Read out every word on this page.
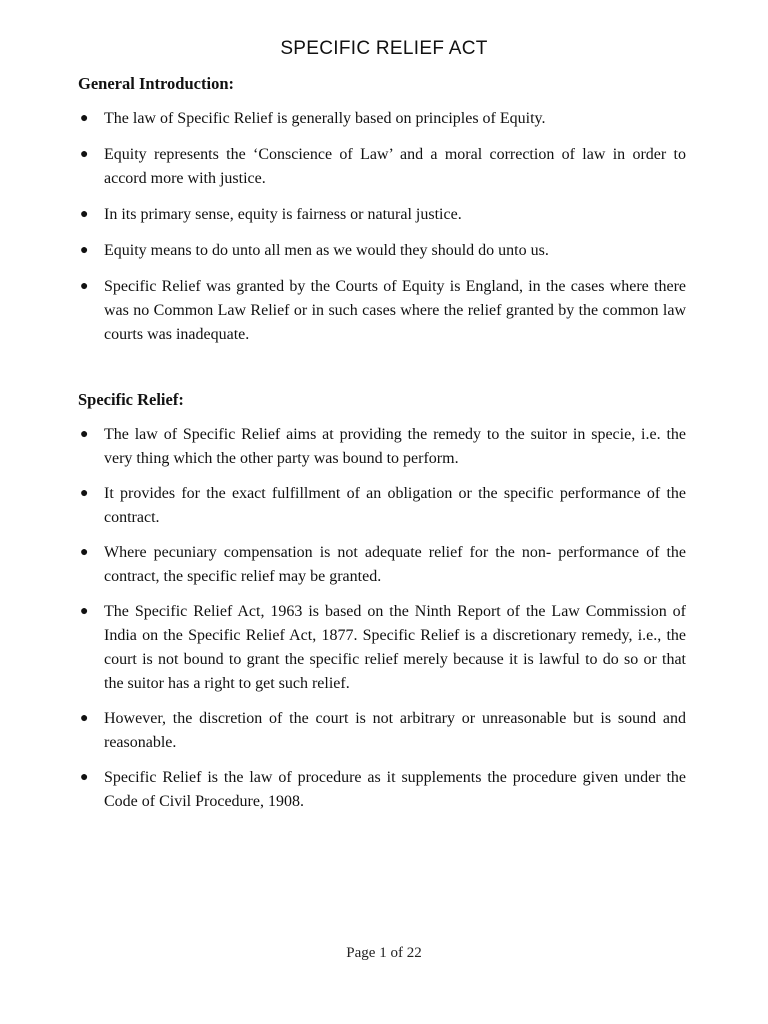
SPECIFIC RELIEF ACT

General Introduction:

● The law of Specific Relief is generally based on principles of Equity.
● Equity represents the ‘Conscience of Law’ and a moral correction of law in order to accord more with justice.
● In its primary sense, equity is fairness or natural justice.
● Equity means to do unto all men as we would they should do unto us.
● Specific Relief was granted by the Courts of Equity is England, in the cases where there was no Common Law Relief or in such cases where the relief granted by the common law courts was inadequate.

Specific Relief:

● The law of Specific Relief aims at providing the remedy to the suitor in specie, i.e. the very thing which the other party was bound to perform.
● It provides for the exact fulfillment of an obligation or the specific performance of the contract.
● Where pecuniary compensation is not adequate relief for the non- performance of the contract, the specific relief may be granted.
● The Specific Relief Act, 1963 is based on the Ninth Report of the Law Commission of India on the Specific Relief Act, 1877. Specific Relief is a discretionary remedy, i.e., the court is not bound to grant the specific relief merely because it is lawful to do so or that the suitor has a right to get such relief.
● However, the discretion of the court is not arbitrary or unreasonable but is sound and reasonable.
● Specific Relief is the law of procedure as it supplements the procedure given under the Code of Civil Procedure, 1908.
Page 1 of 22
